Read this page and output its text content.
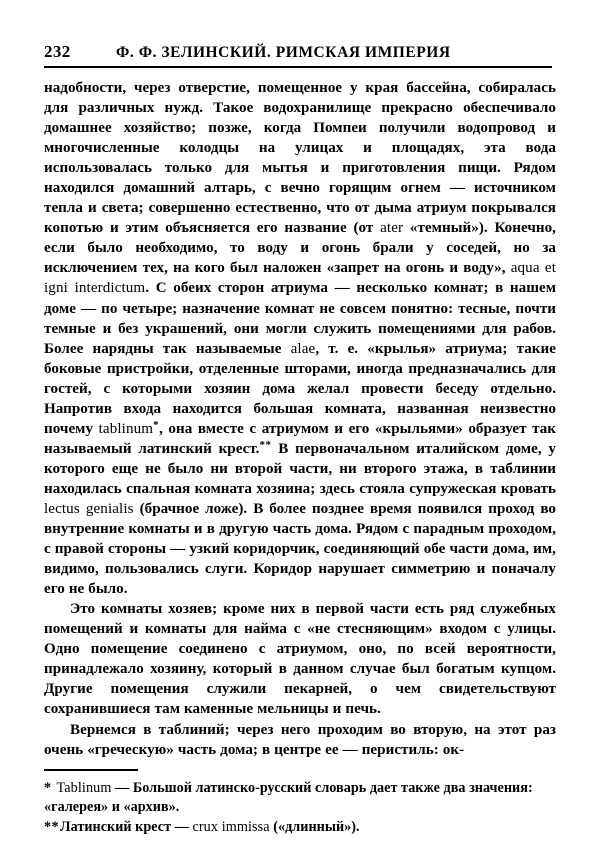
232	Ф. Ф. ЗЕЛИНСКИЙ. РИМСКАЯ ИМПЕРИЯ

надобности, через отверстие, помещенное у края бассейна, собиралась для различных нужд. Такое водохранилище прекрасно обеспечивало домашнее хозяйство; позже, когда Помпеи получили водопровод и многочисленные колодцы на улицах и площадях, эта вода использовалась только для мытья и приготовления пищи. Рядом находился домашний алтарь, с вечно горящим огнем — источником тепла и света; совершенно естественно, что от дыма атриум покрывался копотью и этим объясняется его название (от ater «темный»). Конечно, если было необходимо, то воду и огонь брали у соседей, но за исключением тех, на кого был наложен «запрет на огонь и воду», aqua et igni interdictum. С обеих сторон атриума — несколько комнат; в нашем доме — по четыре; назначение комнат не совсем понятно: тесные, почти темные и без украшений, они могли служить помещениями для рабов. Более нарядны так называемые alae, т. е. «крылья» атриума; такие боковые пристройки, отделенные шторами, иногда предназначались для гостей, с которыми хозяин дома желал провести беседу отдельно. Напротив входа находится большая комната, названная неизвестно почему tablinum*, она вместе с атриумом и его «крыльями» образует так называемый латинский крест.** В первоначальном италийском доме, у которого еще не было ни второй части, ни второго этажа, в таблинии находилась спальная комната хозяина; здесь стояла супружеская кровать lectus genialis (брачное ложе). В более позднее время появился проход во внутренние комнаты и в другую часть дома. Рядом с парадным проходом, с правой стороны — узкий коридорчик, соединяющий обе части дома, им, видимо, пользовались слуги. Коридор нарушает симметрию и поначалу его не было.

Это комнаты хозяев; кроме них в первой части есть ряд служебных помещений и комнаты для найма с «не стесняющим» входом с улицы. Одно помещение соединено с атриумом, оно, по всей вероятности, принадлежало хозяину, который в данном случае был богатым купцом. Другие помещения служили пекарней, о чем свидетельствуют сохранившиеся там каменные мельницы и печь.

Вернемся в таблиний; через него проходим во вторую, на этот раз очень «греческую» часть дома; в центре ее — перистиль: ок-

* Tablinum — Большой латинско-русский словарь дает также два значения: «галерея» и «архив».

**Латинский крест — crux immissa («длинный»).
